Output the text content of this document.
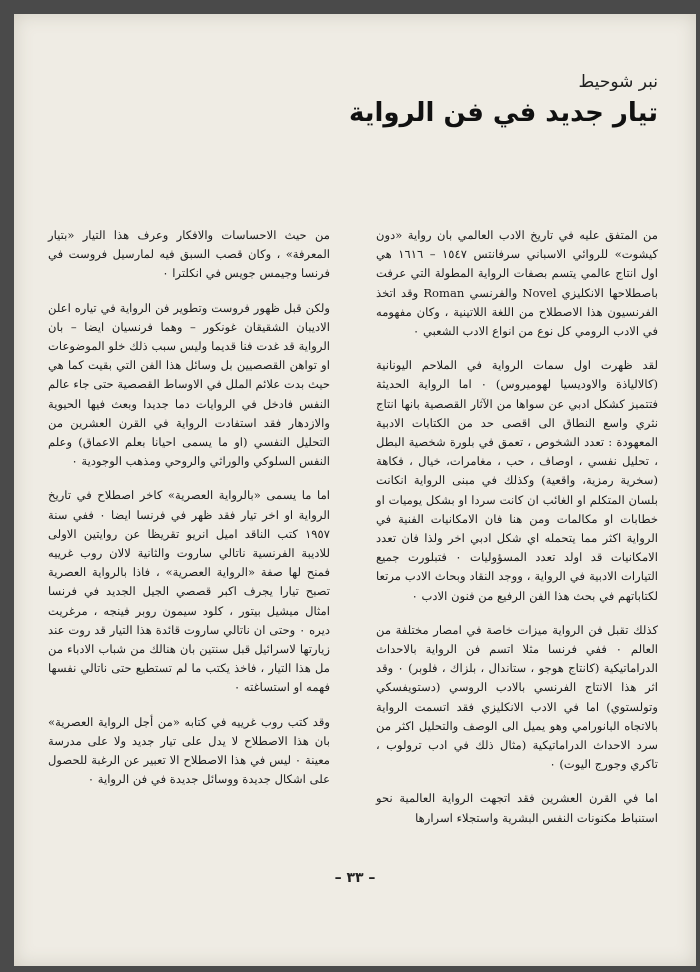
نبر شوحيط

تيار جديد في فن الرواية

من المتفق عليه في تاريخ الادب العالمي بان رواية «دون كيشوت» للروائي الاسباني سرفانتس ١٥٤٧ – ١٦١٦ هي اول انتاج عالمي يتسم بصفات الرواية المطولة التي عرفت باصطلاحها الانكليزي Novel والفرنسي Roman وقد اتخذ الفرنسيون هذا الاصطلاح من اللغة اللاتينية ، وكان مفهومه في الادب الرومي كل نوع من انواع الادب الشعبي ٠

لقد ظهرت اول سمات الرواية في الملاحم اليونانية (كالالياذة والاوديسيا لهوميروس) ٠ اما الرواية الحديثة فتتميز كشكل ادبي عن سواها من الآثار القصصية بانها انتاج نثري واسع النطاق الى اقصى حد من الكتابات الادبية المعهودة : تعدد الشخوص ، تعمق في بلورة شخصية البطل ، تحليل نفسي ، اوصاف ، حب ، مغامرات، خيال ، فكاهة (سخرية رمزية، واقعية) وكذلك في مبنى الرواية انكانت بلسان المتكلم او الغائب ان كانت سردا او بشكل يوميات او خطابات او مكالمات ومن هنا فان الامكانيات الفنية في الرواية اكثر مما يتحمله اي شكل ادبي اخر ولذا فان تعدد الامكانيات قد اولد تعدد المسؤوليات ٠ فتبلورت جميع التيارات الادبية في الرواية ، ووجد النقاد وبحاث الادب مرتعا لكتاباتهم في بحث هذا الفن الرفيع من فنون الادب ٠

كذلك تقبل فن الرواية ميزات خاصة في امصار مختلفة من العالم ٠ ففي فرنسا مثلا اتسم فن الرواية بالاحداث الدراماتيكية (كانتاج هوجو ، ستاندال ، بلزاك ، فلوبر) ٠ وقد اثر هذا الانتاج الفرنسي بالادب الروسي (دستويفسكي وتولستوي) اما في الادب الانكليزي فقد اتسمت الرواية بالاتجاه البانورامي وهو يميل الى الوصف والتحليل اكثر من سرد الاحداث الدراماتيكية (مثال ذلك في ادب ترولوب ، تاكري وجورج اليوت) ٠

اما في القرن العشرين فقد اتجهت الرواية العالمية نحو استنباط مكنونات النفس البشرية واستجلاء اسرارها

من حيث الاحساسات والافكار وعرف هذا التيار «بتيار المعرفة» ، وكان قصب السبق فيه لمارسيل فروست في فرنسا وجيمس جويس في انكلترا ٠

ولكن قبل ظهور فروست وتطوير فن الرواية في تياره اعلن الاديبان الشقيقان غونكور – وهما فرنسيان ايضا – بان الرواية قد غدت فنا قديما وليس سبب ذلك خلو الموضوعات او تواهن القصصيين بل وسائل هذا الفن التي بقيت كما هي حيث بدت علائم الملل في الاوساط القصصية حتى جاء عالم النفس فادخل في الروايات دما جديدا وبعث فيها الحيوية والازدهار فقد استفادت الرواية في القرن العشرين من التحليل النفسي (او ما يسمى احيانا بعلم الاعماق) وعلم النفس السلوكي والوراثي والروحي ومذهب الوجودية ٠

اما ما يسمى «بالرواية العصرية» كاخر اصطلاح في تاريخ الرواية او اخر تيار فقد ظهر في فرنسا ايضا ٠ ففي سنة ١٩٥٧ كتب الناقد اميل انريو تقريظا عن روايتين الاولى للاديبة الفرنسية ناتالي ساروت والثانية لالان روب غرييه فمنح لها صفة «الرواية العصرية» ، فاذا بالرواية العصرية تصبح تيارا يجرف اكبر قصصي الجيل الجديد في فرنسا امثال ميشيل بيتور ، كلود سيمون روبر فينجه ، مرغريت ديره ٠ وحتى ان ناتالي ساروت قائدة هذا التيار قد روت عند زيارتها لاسرائيل قبل سنتين بان هنالك من شباب الادباء من مل هذا التيار ، فاخذ يكتب ما لم تستطيع حتى ناتالي نفسها فهمه او استساغته ٠

وقد كتب روب غرييه في كتابه «من أجل الرواية العصرية» بان هذا الاصطلاح لا يدل على تيار جديد ولا على مدرسة معينة ٠ ليس في هذا الاصطلاح الا تعبير عن الرغبة للحصول على اشكال جديدة ووسائل جديدة في فن الرواية ٠

– ٣٣ –
